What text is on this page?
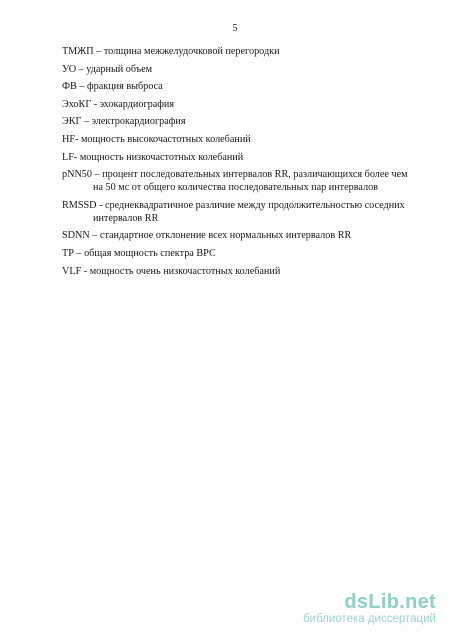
5
ТМЖП – толщина межжелудочковой перегородки
УО – ударный объем
ФВ – фракция выброса
ЭхоКГ - эхокардиография
ЭКГ – электрокардиография
HF- мощность высокочастотных колебаний
LF- мощность низкочастотных колебаний
pNN50 – процент последовательных интервалов RR, различающихся более чем
на 50 мс от общего количества последовательных пар интервалов
RMSSD - среднеквадратичное различие между продолжительностью соседних
интервалов RR
SDNN – стандартное отклонение всех нормальных интервалов RR
ТР – общая мощность спектра ВРС
VLF - мощность очень низкочастотных колебаний
dsLib.net
библиотека диссертаций
